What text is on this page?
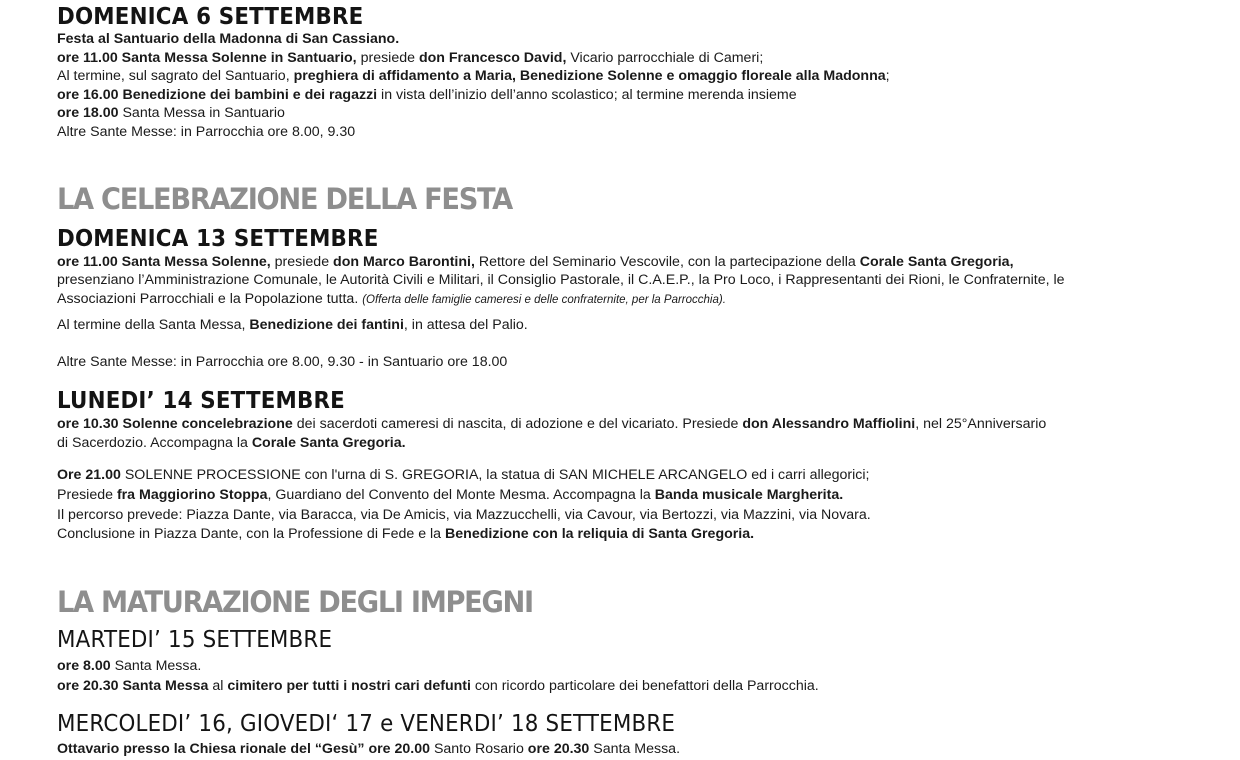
DOMENICA 6 SETTEMBRE
Festa al Santuario della Madonna di San Cassiano.
ore 11.00 Santa Messa Solenne in Santuario, presiede don Francesco David, Vicario parrocchiale di Cameri;
Al termine, sul sagrato del Santuario, preghiera di affidamento a Maria, Benedizione Solenne e omaggio floreale alla Madonna;
ore 16.00 Benedizione dei bambini e dei ragazzi in vista dell’inizio dell’anno scolastico; al termine merenda insieme
ore 18.00 Santa Messa in Santuario
Altre Sante Messe: in Parrocchia ore 8.00, 9.30
LA CELEBRAZIONE DELLA FESTA
DOMENICA 13 SETTEMBRE
ore 11.00 Santa Messa Solenne, presiede don Marco Barontini, Rettore del Seminario Vescovile, con la partecipazione della Corale Santa Gregoria,
presenziano l’Amministrazione Comunale, le Autorità Civili e Militari, il Consiglio Pastorale, il C.A.E.P., la Pro Loco, i Rappresentanti dei Rioni, le Confraternite, le
Associazioni Parrocchiali e la Popolazione tutta. (Offerta delle famiglie cameresi e delle confraternite, per la Parrocchia).
Al termine della Santa Messa, Benedizione dei fantini, in attesa del Palio.
Altre Sante Messe: in Parrocchia ore 8.00, 9.30 - in Santuario ore 18.00
LUNEDI’ 14 SETTEMBRE
ore 10.30 Solenne concelebrazione dei sacerdoti cameresi di nascita, di adozione e del vicariato. Presiede don Alessandro Maffiolini, nel 25°Anniversario
di Sacerdozio. Accompagna la Corale Santa Gregoria.
Ore 21.00 SOLENNE PROCESSIONE con l'urna di S. GREGORIA, la statua di SAN MICHELE ARCANGELO ed i carri allegorici;
Presiede fra Maggiorino Stoppa, Guardiano del Convento del Monte Mesma. Accompagna la Banda musicale Margherita.
Il percorso prevede: Piazza Dante, via Baracca, via De Amicis, via Mazzucchelli, via Cavour, via Bertozzi, via Mazzini, via Novara.
Conclusione in Piazza Dante, con la Professione di Fede e la Benedizione con la reliquia di Santa Gregoria.
LA MATURAZIONE DEGLI IMPEGNI
MARTEDI’ 15 SETTEMBRE
ore 8.00 Santa Messa.
ore 20.30 Santa Messa al cimitero per tutti i nostri cari defunti con ricordo particolare dei benefattori della Parrocchia.
MERCOLEDI’ 16, GIOVEDI‘ 17 e VENERDI’ 18 SETTEMBRE
Ottavario presso la Chiesa rionale del “Gesù” ore 20.00 Santo Rosario ore 20.30 Santa Messa.
